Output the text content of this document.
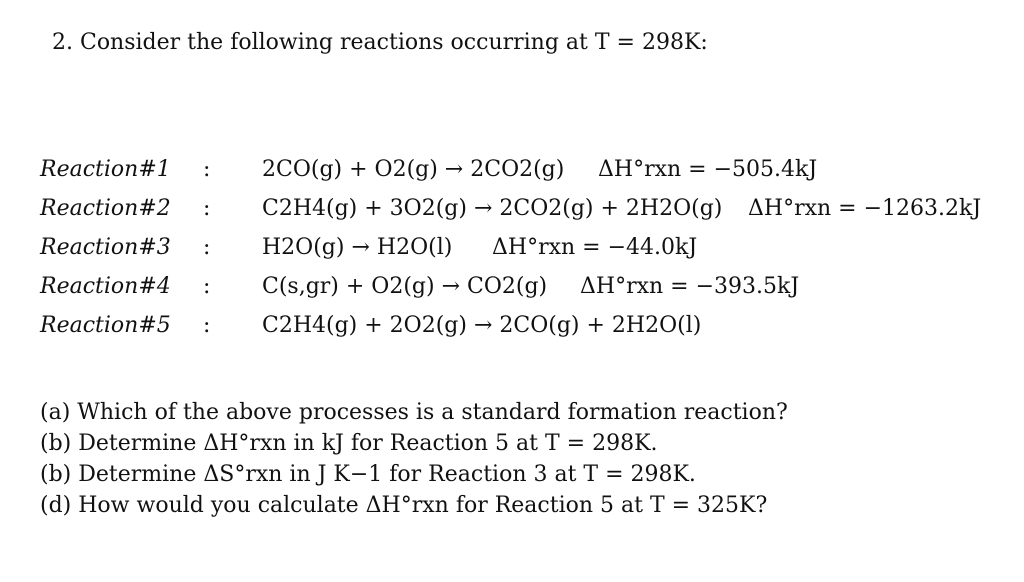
2. Consider the following reactions occurring at T = 298K:
Reaction#1 : 2CO(g) + O2(g) → 2CO2(g) ΔH°rxn = −505.4kJ
Reaction#2 : C2H4(g) + 3O2(g) → 2CO2(g) + 2H2O(g) ΔH°rxn = −1263.2kJ
Reaction#3 : H2O(g) → H2O(l) ΔH°rxn = −44.0kJ
Reaction#4 : C(s,gr) + O2(g) → CO2(g) ΔH°rxn = −393.5kJ
Reaction#5 : C2H4(g) + 2O2(g) → 2CO(g) + 2H2O(l)
(a) Which of the above processes is a standard formation reaction?
(b) Determine ΔH°rxn in kJ for Reaction 5 at T = 298K.
(b) Determine ΔS°rxn in J K−1 for Reaction 3 at T = 298K.
(d) How would you calculate ΔH°rxn for Reaction 5 at T = 325K?
